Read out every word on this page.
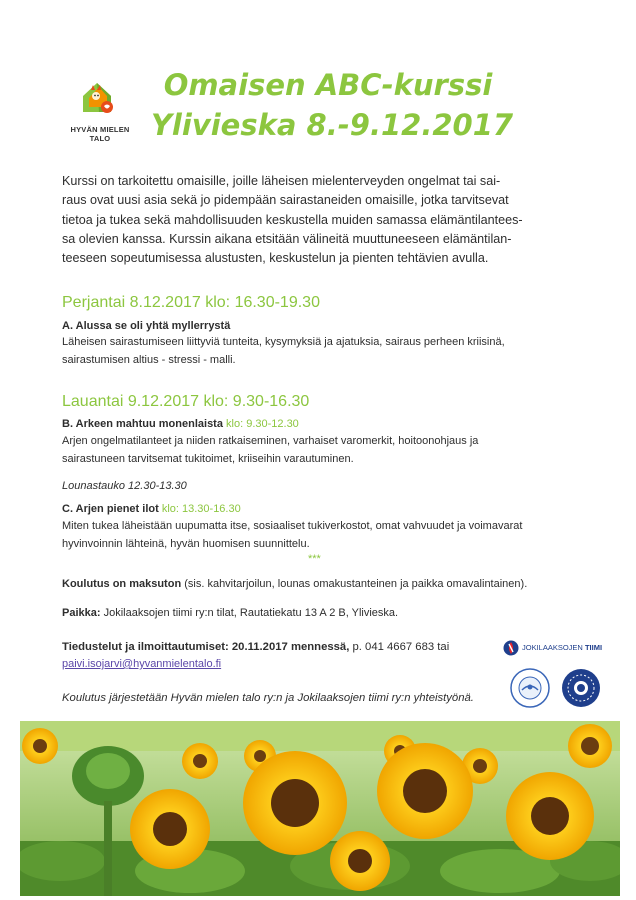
HYVÄN MIELEN TALO
Omaisen ABC-kurssi
Ylivieska 8.-9.12.2017
Kurssi on tarkoitettu omaisille, joille läheisen mielenterveyden ongelmat tai sai-
raus ovat uusi asia sekä jo pidempään sairastaneiden omaisille, jotka tarvitsevat
tietoa ja tukea sekä mahdollisuuden keskustella muiden samassa elämäntilantees-
sa olevien kanssa. Kurssin aikana etsitään välineitä muuttuneeseen elämäntilan-
teeseen sopeutumisessa alustusten, keskustelun ja pienten tehtävien avulla.
Perjantai 8.12.2017 klo: 16.30-19.30
A. Alussa se oli yhtä myllerrystä
Läheisen sairastumiseen liittyviä tunteita, kysymyksiä ja ajatuksia, sairaus perheen kriisinä,
sairastumisen altius - stressi - malli.
Lauantai 9.12.2017 klo: 9.30-16.30
B. Arkeen mahtuu monenlaista klo: 9.30-12.30
Arjen ongelmatilanteet ja niiden ratkaiseminen, varhaiset varomerkit, hoitoonohjaus ja
sairastuneen tarvitsemat tukitoimet, kriiseihin varautuminen.
Lounastauko 12.30-13.30
C. Arjen pienet ilot klo: 13.30-16.30
Miten tukea läheistään uupumatta itse, sosiaaliset tukiverkostot, omat vahvuudet ja voimavarat
hyvinvoinnin lähteinä, hyvän huomisen suunnittelu.
***
Koulutus on maksuton (sis. kahvitarjoilun, lounas omakustanteinen ja paikka omavalintainen).
Paikka: Jokilaaksojen tiimi ry:n tilat, Rautatiekatu 13 A 2 B, Ylivieska.
Tiedustelut ja ilmoittautumiset: 20.11.2017 mennessä, p. 041 4667 683 tai
paivi.isojarvi@hyvanmielentalo.fi
JOKILAAKSOJEN TIIMI
Koulutus järjestetään Hyvän mielen talo ry:n ja Jokilaaksojen tiimi ry:n yhteistyönä.
